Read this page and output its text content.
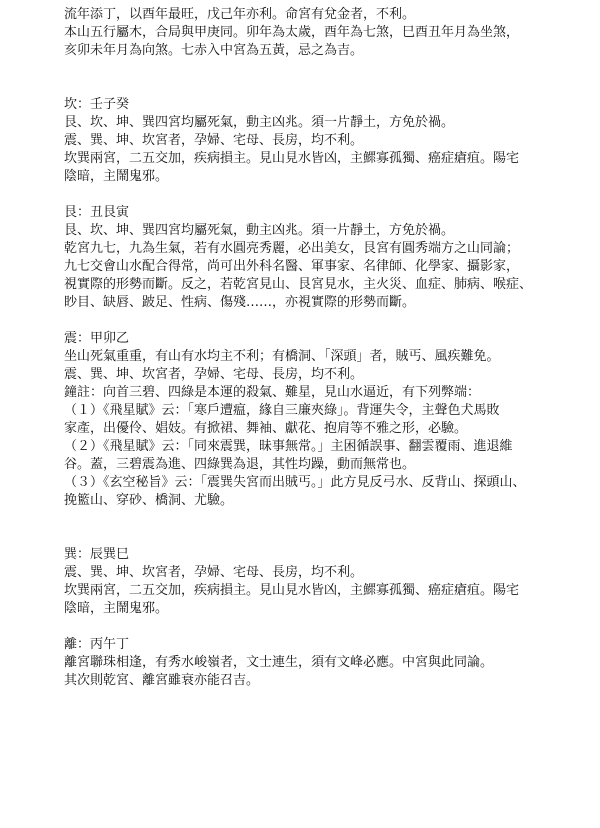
流年添丁，以酉年最旺，戊己年亦利。命宮有兌金者，不利。
本山五行屬木，合局與甲庚同。卯年為太歲，酉年為七煞，巳酉丑年月為坐煞，
亥卯未年月為向煞。七赤入中宮為五黃，忌之為吉。
坎：壬子癸
艮、坎、坤、巽四宮均屬死氣，動主凶兆。須一片靜土，方免於禍。
震、巽、坤、坎宮者，孕婦、宅母、長房，均不利。
坎巽兩宮，二五交加，疾病損主。見山見水皆凶，主鰥寡孤獨、癌症瘡疽。陽宅
陰暗，主鬧鬼邪。
艮：丑艮寅
艮、坎、坤、巽四宮均屬死氣，動主凶兆。須一片靜土，方免於禍。
乾宮九七，九為生氣，若有水圓亮秀麗，必出美女，艮宮有圓秀端方之山同論；
九七交會山水配合得常，尚可出外科名醫、軍事家、名律師、化學家、攝影家，
視實際的形勢而斷。反之，若乾宮見山、艮宮見水，主火災、血症、肺病、喉症、
眇目、缺唇、跛足、性病、傷殘……，亦視實際的形勢而斷。
震：甲卯乙
坐山死氣重重，有山有水均主不利；有橋洞、「深頭」者，賊丐、風疾難免。
震、巽、坤、坎宮者，孕婦、宅母、長房，均不利。
鐘註：向首三碧、四綠是本運的殺氣、難星，見山水逼近，有下列弊端：
（１）《飛星賦》云：「寒戶遭瘟，緣自三廉夾綠」。背運失令，主聲色犬馬敗
家產，出優伶、娼妓。有掀裙、舞袖、獻花、抱肩等不雅之形，必驗。
（２）《飛星賦》云：「同來震巽，昧事無常。」主困循誤事、翻雲覆雨、進退維
谷。蓋，三碧震為進、四綠巽為退，其性均躁，動而無常也。
（３）《玄空秘旨》云：「震巽失宮而出賊丐。」此方見反弓水、反背山、探頭山、
挽籃山、穿砂、橋洞、尤驗。
巽：辰巽巳
震、巽、坤、坎宮者，孕婦、宅母、長房，均不利。
坎巽兩宮，二五交加，疾病損主。見山見水皆凶，主鰥寡孤獨、癌症瘡疽。陽宅
陰暗，主鬧鬼邪。
離：丙午丁
離宮聯珠相逢，有秀水峻嶺者，文士連生，須有文峰必應。中宮與此同論。
其次則乾宮、離宮雖衰亦能召吉。
